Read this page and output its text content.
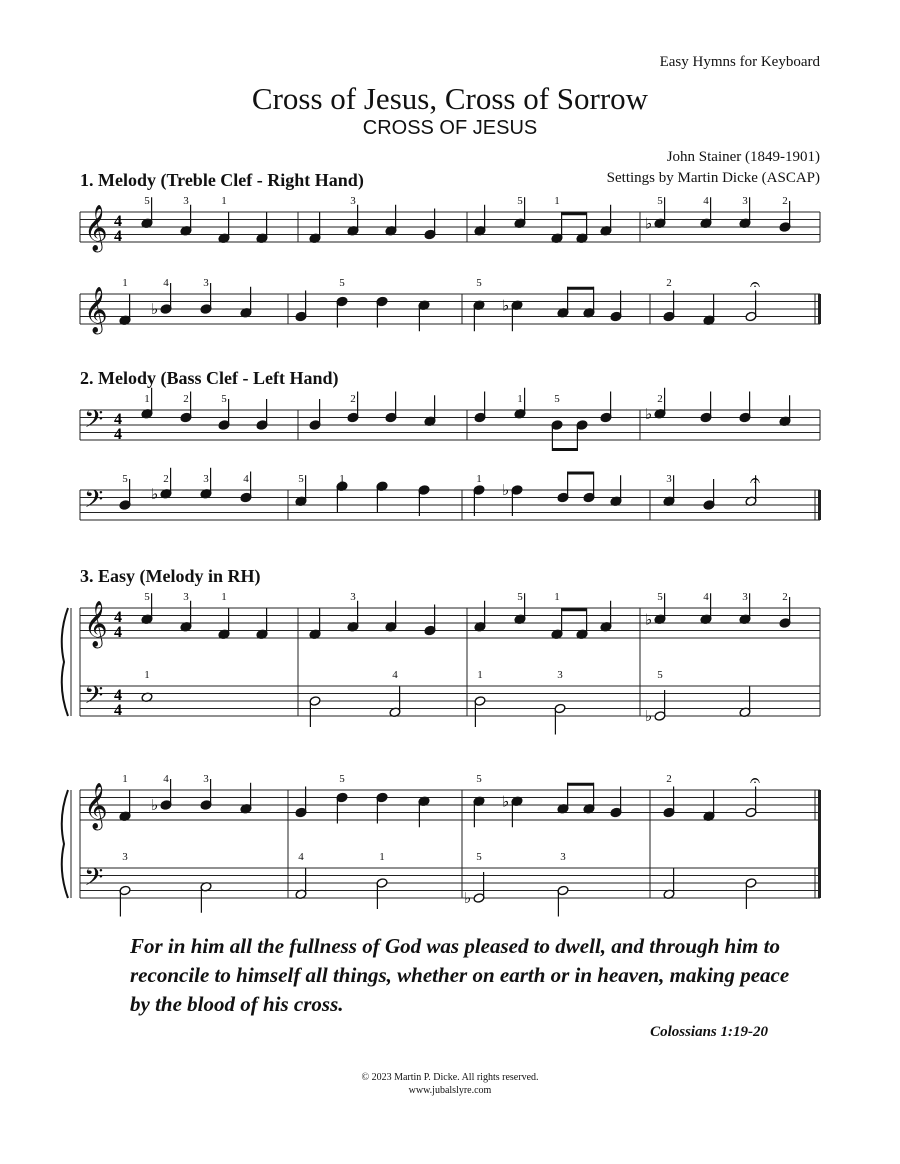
Easy Hymns for Keyboard
Cross of Jesus, Cross of Sorrow
CROSS OF JESUS
John Stainer (1849-1901)
Settings by Martin Dicke (ASCAP)
1. Melody (Treble Clef - Right Hand)
2. Melody (Bass Clef - Left Hand)
3. Easy (Melody in RH)
𝄞 4
4
♭
5	3	1	3	5	1	5	4	3	2
𝄞	♭	♭
𝄐
1	4	3	5	5	2
𝄢 4
4
♭
1	2	5	2	1	5	2
𝄢	♭	♭
𝄐
5	2	3	4	5	1	1	3
𝄞 4
4
𝄢 4
4
♭
5	3	1	3	5	1	5	4	3	2
♭
1	4	1	3	5
𝄞
𝄢
♭	♭
𝄐
1	4	3	5	5	2
♭
3	4	1	5	3
For in him all the fullness of God was pleased to dwell, and through him to reconcile to himself all things, whether on earth or in heaven, making peace by the blood of his cross.
Colossians 1:19-20
© 2023 Martin P. Dicke. All rights reserved.
www.jubalslyre.com
